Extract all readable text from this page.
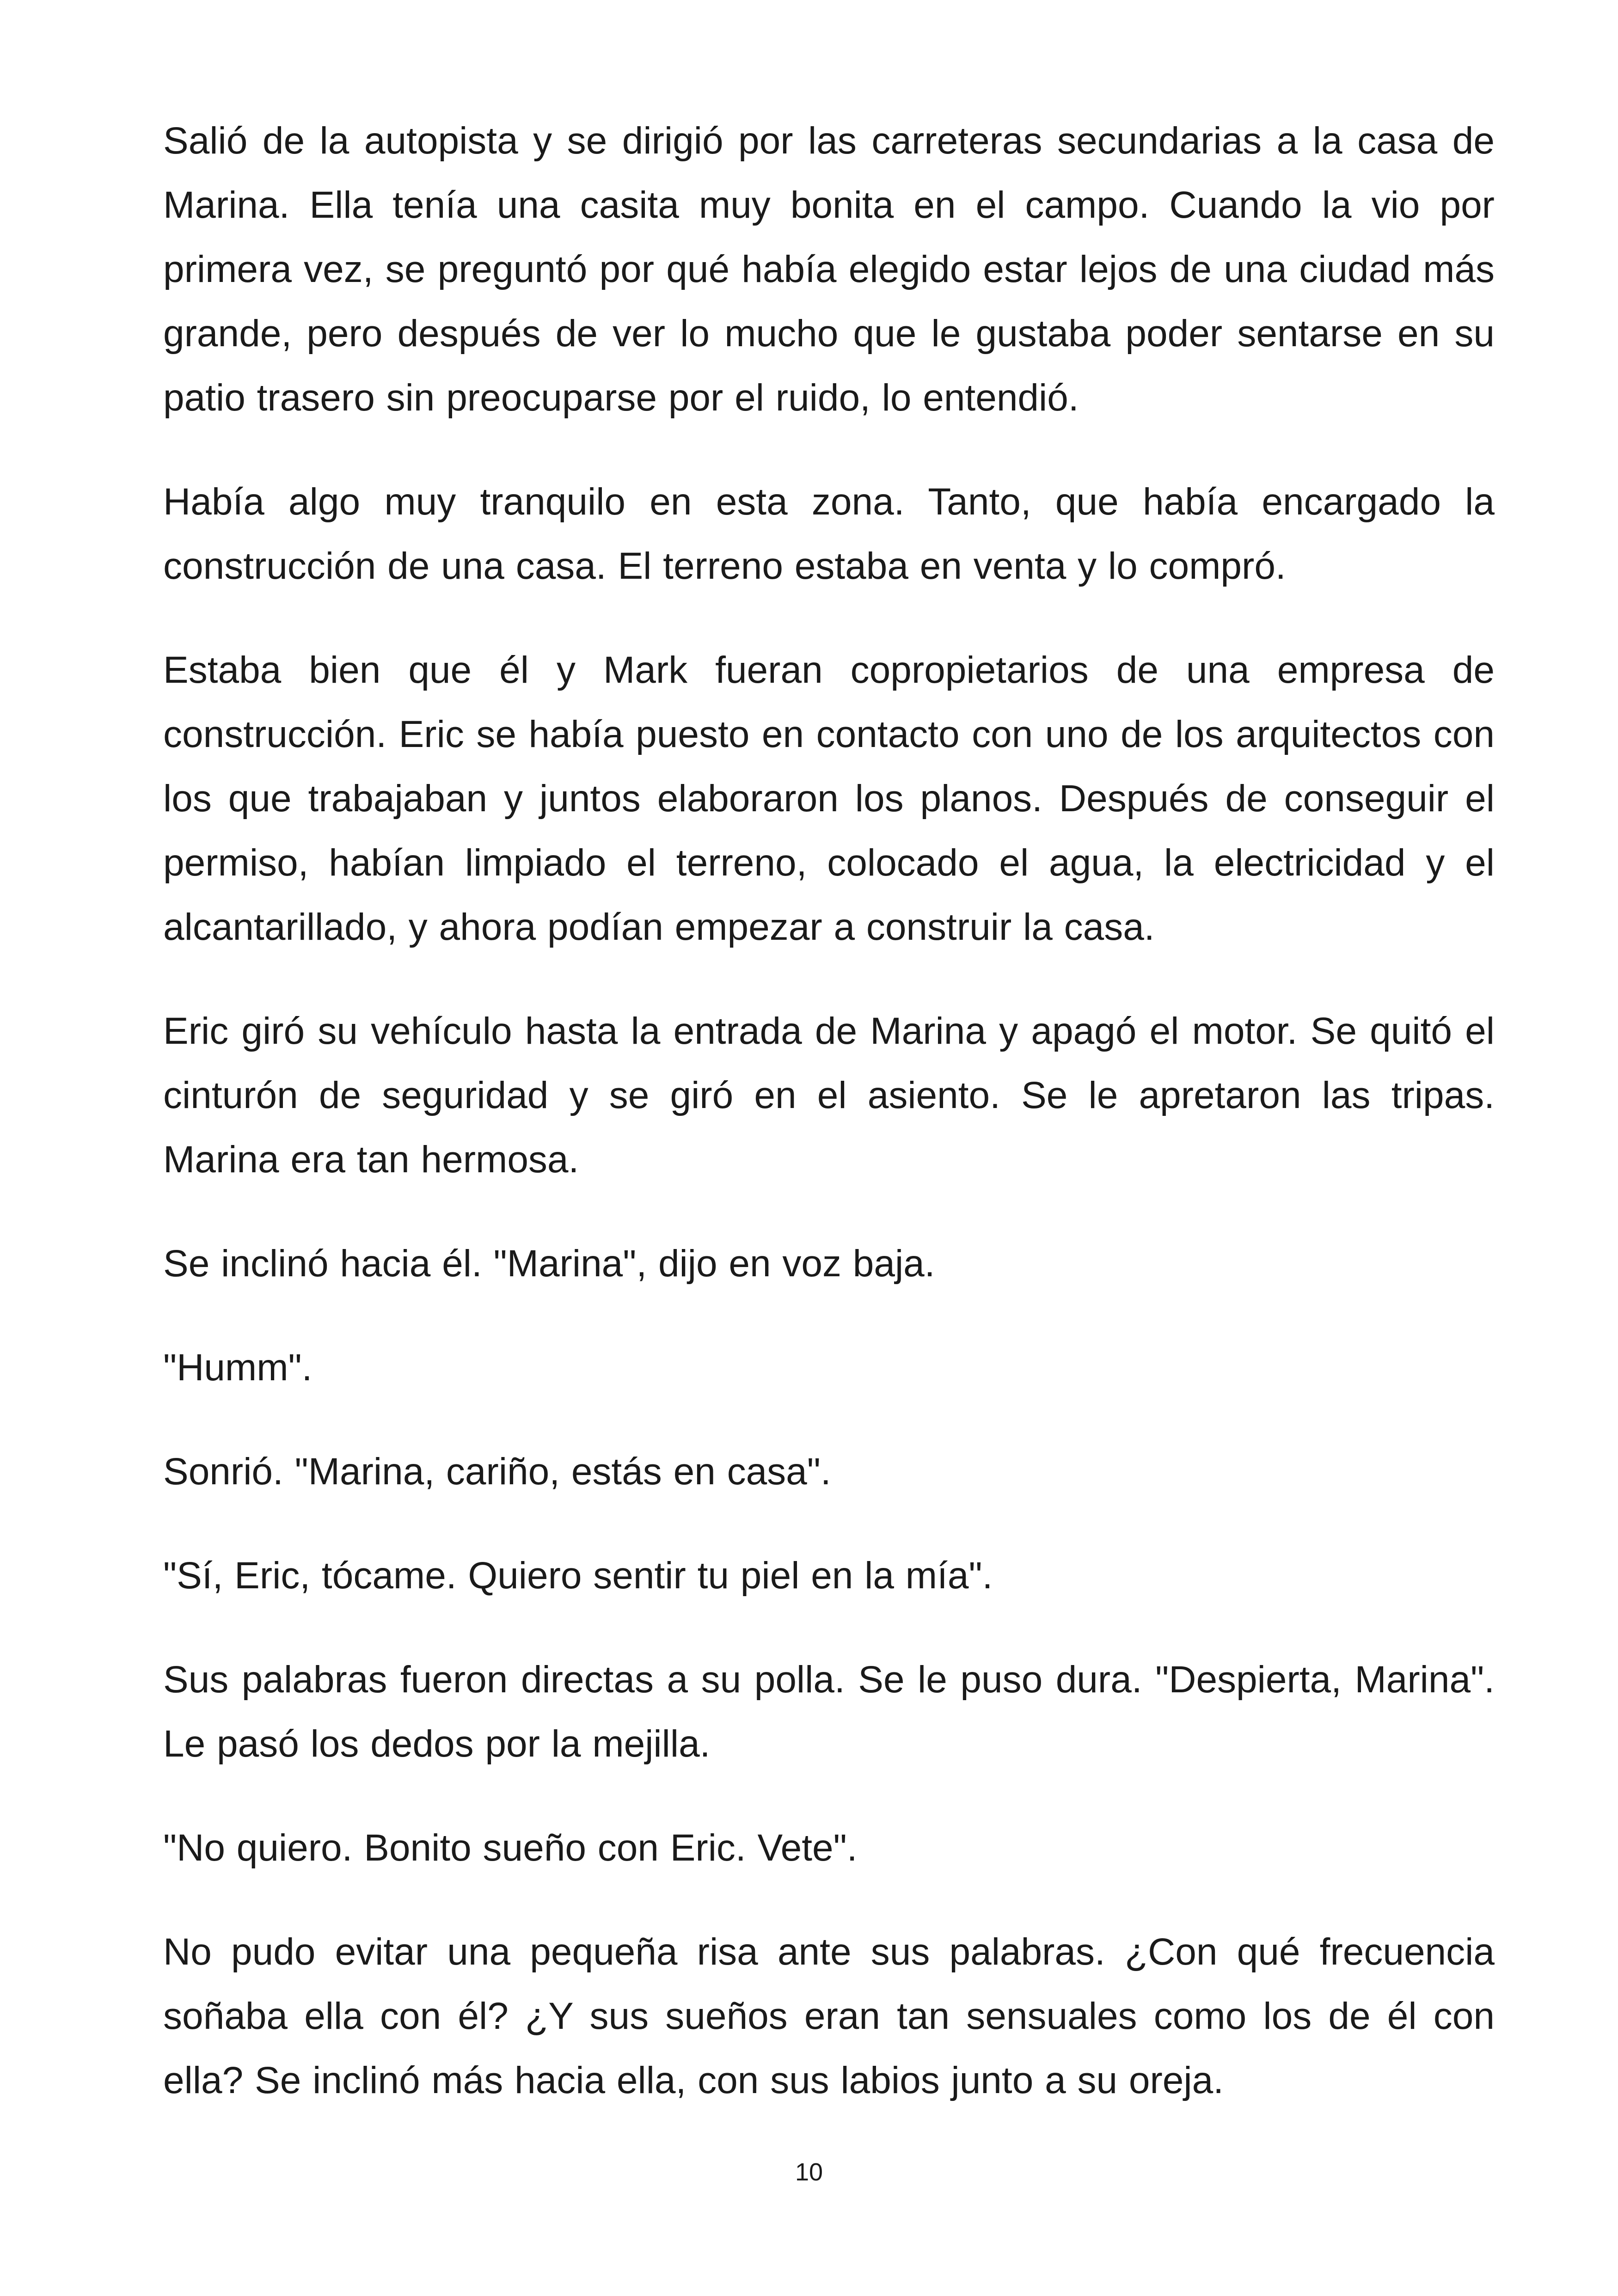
Salió de la autopista y se dirigió por las carreteras secundarias a la casa de Marina. Ella tenía una casita muy bonita en el campo. Cuando la vio por primera vez, se preguntó por qué había elegido estar lejos de una ciudad más grande, pero después de ver lo mucho que le gustaba poder sentarse en su patio trasero sin preocuparse por el ruido, lo entendió.

Había algo muy tranquilo en esta zona. Tanto, que había encargado la construcción de una casa. El terreno estaba en venta y lo compró.

Estaba bien que él y Mark fueran copropietarios de una empresa de construcción. Eric se había puesto en contacto con uno de los arquitectos con los que trabajaban y juntos elaboraron los planos. Después de conseguir el permiso, habían limpiado el terreno, colocado el agua, la electricidad y el alcantarillado, y ahora podían empezar a construir la casa.

Eric giró su vehículo hasta la entrada de Marina y apagó el motor. Se quitó el cinturón de seguridad y se giró en el asiento. Se le apretaron las tripas. Marina era tan hermosa.

Se inclinó hacia él. "Marina", dijo en voz baja.

"Humm".

Sonrió. "Marina, cariño, estás en casa".

"Sí, Eric, tócame. Quiero sentir tu piel en la mía".

Sus palabras fueron directas a su polla. Se le puso dura. "Despierta, Marina". Le pasó los dedos por la mejilla.

"No quiero. Bonito sueño con Eric. Vete".

No pudo evitar una pequeña risa ante sus palabras. ¿Con qué frecuencia soñaba ella con él? ¿Y sus sueños eran tan sensuales como los de él con ella? Se inclinó más hacia ella, con sus labios junto a su oreja.

10
